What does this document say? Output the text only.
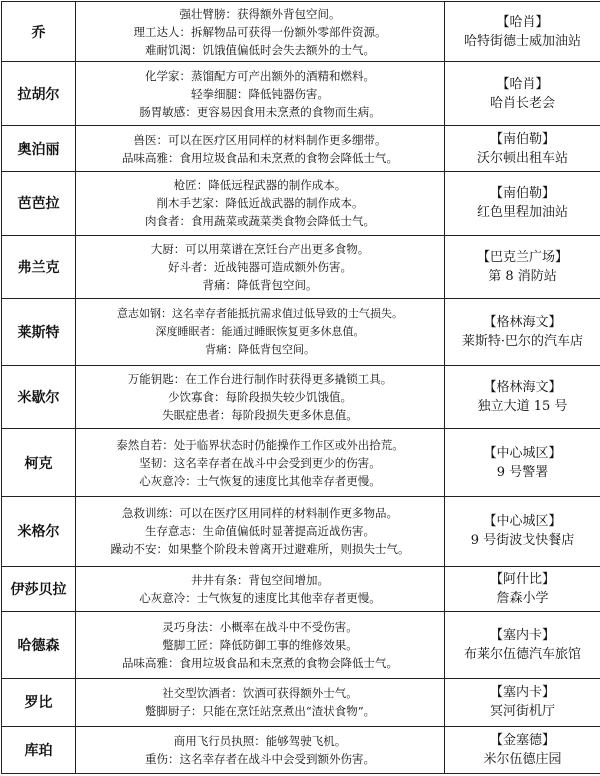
乔	强壮臂膀：获得额外背包空间。
理工达人：拆解物品可获得一份额外零部件资源。
难耐饥渴：饥饿值偏低时会失去额外的士气。	【哈肖】
哈特街德士威加油站

拉胡尔	化学家：蒸馏配方可产出额外的酒精和燃料。
轻拳细腿：降低钝器伤害。
肠胃敏感：更容易因食用未烹煮的食物而生病。	【哈肖】
哈肖长老会

奥泊丽	兽医：可以在医疗区用同样的材料制作更多绷带。
品味高雅：食用垃圾食品和未烹煮的食物会降低士气。	【南伯勒】
沃尔顿出租车站

芭芭拉	枪匠：降低远程武器的制作成本。
削木手艺家：降低近战武器的制作成本。
肉食者：食用蔬菜或蔬菜类食物会降低士气。	【南伯勒】
红色里程加油站

弗兰克	大厨：可以用菜谱在烹饪台产出更多食物。
好斗者：近战钝器可造成额外伤害。
背痛：降低背包空间。	【巴克兰广场】
第 8 消防站

莱斯特	意志如钢：这名幸存者能抵抗需求值过低导致的士气损失。
深度睡眠者：能通过睡眠恢复更多休息值。
背痛：降低背包空间。	【格林海文】
莱斯特·巴尔的汽车店

米歇尔	万能钥匙：在工作台进行制作时获得更多撬锁工具。
少饮寡食：每阶段损失较少饥饿值。
失眠症患者：每阶段损失更多休息值。	【格林海文】
独立大道 15 号

柯克	泰然自若：处于临界状态时仍能操作工作区或外出拾荒。
坚韧：这名幸存者在战斗中会受到更少的伤害。
心灰意冷：士气恢复的速度比其他幸存者更慢。	【中心城区】
9 号警署

米格尔	急救训练：可以在医疗区用同样的材料制作更多物品。
生存意志：生命值偏低时显著提高近战伤害。
躁动不安：如果整个阶段未曾离开过避难所，则损失士气。	【中心城区】
9 号街波戈快餐店

伊莎贝拉	井井有条：背包空间增加。
心灰意冷：士气恢复的速度比其他幸存者更慢。	【阿什比】
詹森小学

哈德森	灵巧身法：小概率在战斗中不受伤害。
蹩脚工匠：降低防御工事的维修效果。
品味高雅：食用垃圾食品和未烹煮的食物会降低士气。	【塞内卡】
布莱尔伍德汽车旅馆

罗比	社交型饮酒者：饮酒可获得额外士气。
蹩脚厨子：只能在烹饪站烹煮出“渣状食物”。	【塞内卡】
冥河街机厅

库珀	商用飞行员执照：能够驾驶飞机。
重伤：这名幸存者在战斗中会受到额外伤害。	【金塞德】
米尔伍德庄园
